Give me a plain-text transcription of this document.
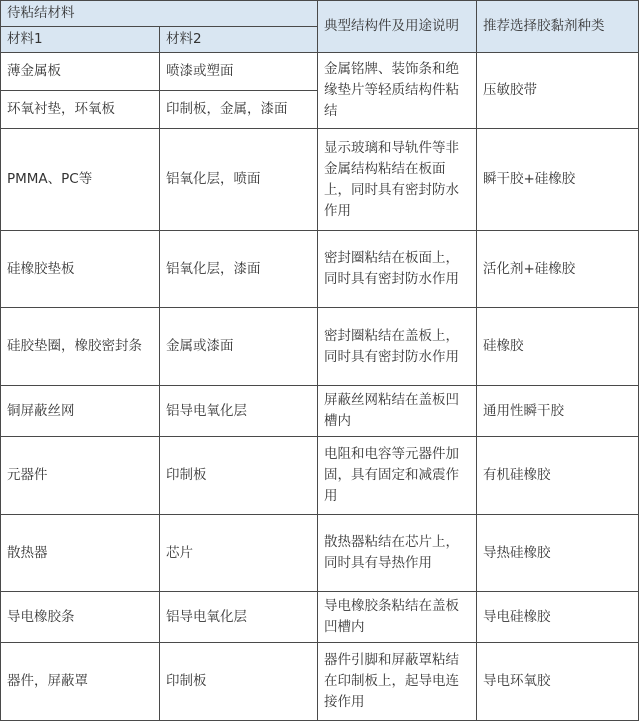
待粘结材料		典型结构件及用途说明	推荐选择胶黏剂种类
材料1	材料2		
薄金属板	喷漆或塑面	金属铭牌、装饰条和绝缘垫片等轻质结构件粘结	压敏胶带
环氧衬垫，环氧板	印制板，金属，漆面		
PMMA、PC等	铝氧化层，喷面	显示玻璃和导轨件等非金属结构粘结在板面上，同时具有密封防水作用	瞬干胶+硅橡胶
硅橡胶垫板	铝氧化层，漆面	密封圈粘结在板面上，同时具有密封防水作用	活化剂+硅橡胶
硅胶垫圈，橡胶密封条	金属或漆面	密封圈粘结在盖板上，同时具有密封防水作用	硅橡胶
铜屏蔽丝网	铝导电氧化层	屏蔽丝网粘结在盖板凹槽内	通用性瞬干胶
元器件	印制板	电阻和电容等元器件加固，具有固定和减震作用	有机硅橡胶
散热器	芯片	散热器粘结在芯片上，同时具有导热作用	导热硅橡胶
导电橡胶条	铝导电氧化层	导电橡胶条粘结在盖板凹槽内	导电硅橡胶
器件，屏蔽罩	印制板	器件引脚和屏蔽罩粘结在印制板上，起导电连接作用	导电环氧胶
